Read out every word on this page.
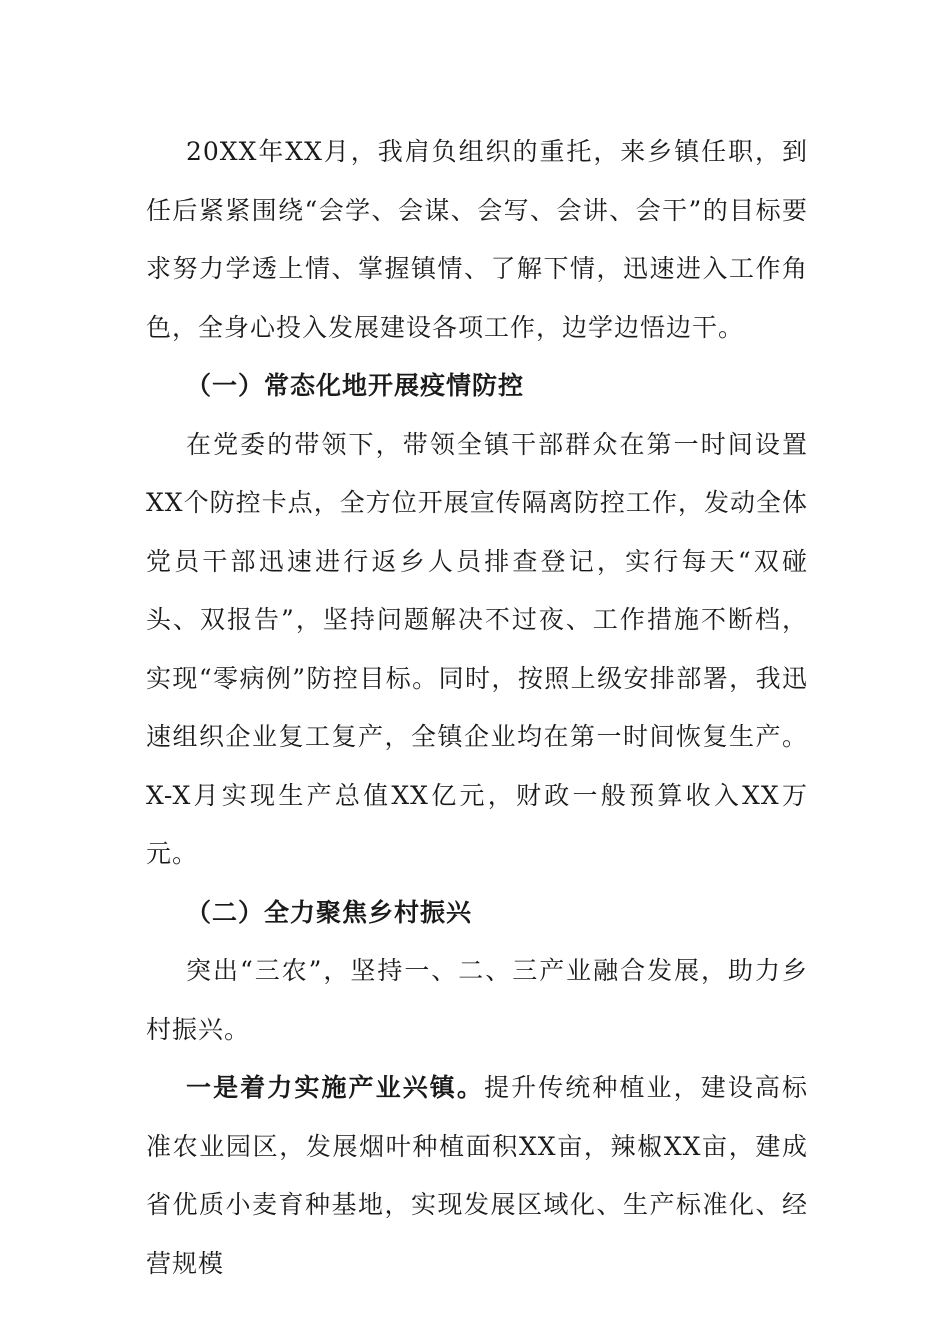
20XX年XX月，我肩负组织的重托，来乡镇任职，到任后紧紧围绕“会学、会谋、会写、会讲、会干”的目标要求努力学透上情、掌握镇情、了解下情，迅速进入工作角色，全身心投入发展建设各项工作，边学边悟边干。

（一）常态化地开展疫情防控

在党委的带领下，带领全镇干部群众在第一时间设置XX个防控卡点，全方位开展宣传隔离防控工作，发动全体党员干部迅速进行返乡人员排查登记，实行每天“双碰头、双报告”，坚持问题解决不过夜、工作措施不断档，实现“零病例”防控目标。同时，按照上级安排部署，我迅速组织企业复工复产，全镇企业均在第一时间恢复生产。X-X月实现生产总值XX亿元，财政一般预算收入XX万元。

（二）全力聚焦乡村振兴

突出“三农”，坚持一、二、三产业融合发展，助力乡村振兴。

一是着力实施产业兴镇。提升传统种植业，建设高标准农业园区，发展烟叶种植面积XX亩，辣椒XX亩，建成省优质小麦育种基地，实现发展区域化、生产标准化、经营规模
